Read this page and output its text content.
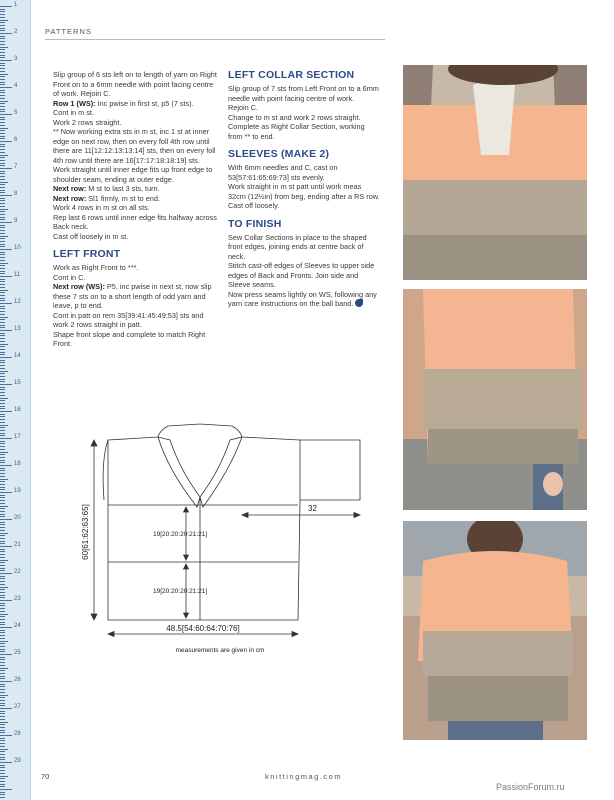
1
2
3
4
5
6
7
8
9
10
11
12
13
14
15
16
17
18
19
20
21
22
23
24
25
26
27
28
29
PATTERNS

Slip group of 6 sts left on to length of yarn on Right Front on to a 6mm needle with point facing centre of work. Rejoin C.

Row 1 (WS): Inc pwise in first st, p5 (7 sts).

Cont in m st.

Work 2 rows straight.

** Now working extra sts in m st, inc 1 st at inner edge on next row, then on every foll 4th row until there are 11[12:12:13:13:14] sts, then on every foll 4th row until there are 16[17:17:18:18:19] sts.

Work straight until inner edge fits up front edge to shoulder seam, ending at outer edge.

Next row: M st to last 3 sts, turn.

Next row: Sl1 firmly, m st to end.

Work 4 rows in m st on all sts.

Rep last 6 rows until inner edge fits halfway across Back neck.

Cast off loosely in m st.

LEFT FRONT

Work as Right Front to ***.

Cont in C.

Next row (WS): P5, inc pwise in next st, now slip these 7 sts on to a short length of odd yarn and leave, p to end.

Cont in patt on rem 35[39:41:45:49:53] sts and work 2 rows straight in patt.

Shape front slope and complete to match Right Front.

LEFT COLLAR SECTION

Slip group of 7 sts from Left Front on to a 6mm needle with point facing centre of work.

Rejoin C.

Change to m st and work 2 rows straight.

Complete as Right Collar Section, working from ** to end.

SLEEVES (MAKE 2)

With 6mm needles and C, cast on 53[57:61:65:69:73] sts evenly.

Work straight in m st patt until work meas 32cm (12½in) from beg, ending after a RS row.

Cast off loosely.

TO FINISH

Sew Collar Sections in place to the shaped front edges, joining ends at centre back of neck.

Stitch cast-off edges of Sleeves to upper side edges of Back and Fronts. Join side and Sleeve seams.

Now press seams lightly on WS, following any yarn care instructions on the ball band.

32
60[61:62:63:65]	19[20:20:20:21:21]
19[20:20:20:21:21]
48.5[54:60:64:70:76]
measurements are given in cm
70	knittingmag.com
PassionForum.ru
